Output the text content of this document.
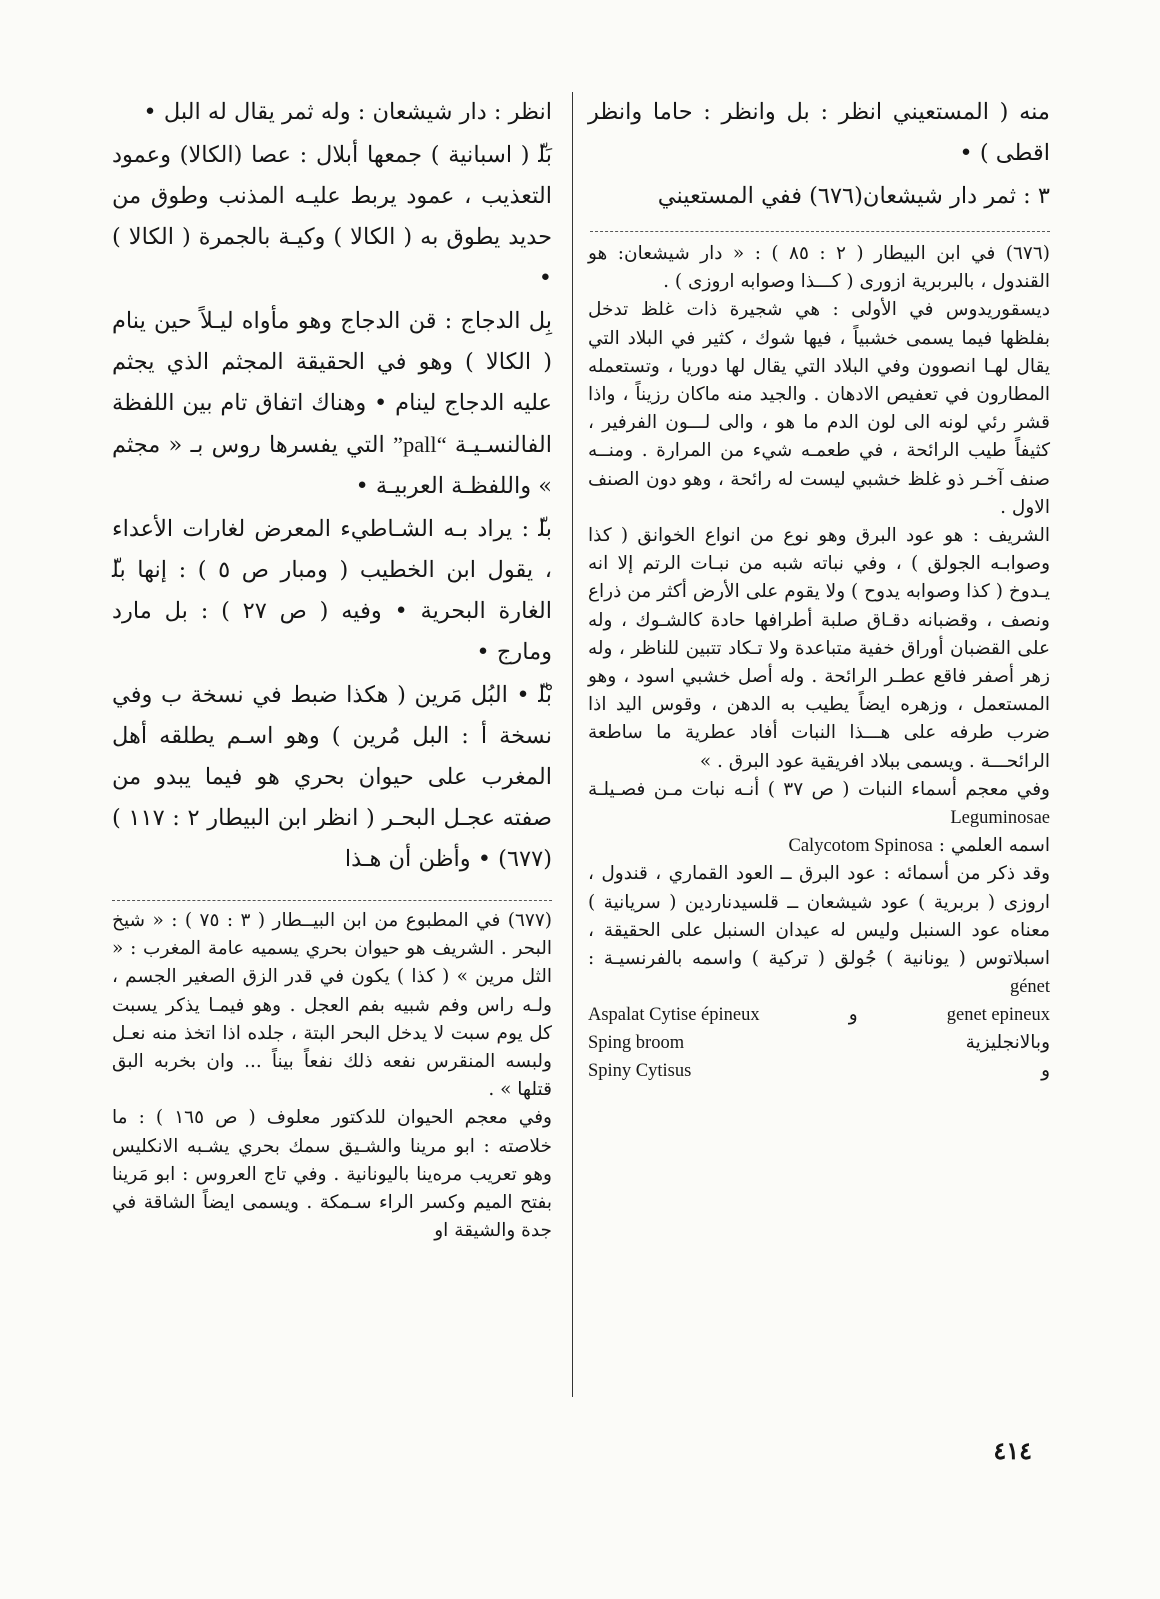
منه ( المستعيني انظر : بل وانظر : حاما وانظر اقطى ) •

٣ : ثمر دار شيشعان(٦٧٦) ففي المستعيني

(٦٧٦) في ابن البيطار ( ٢ : ٨٥ ) : « دار شيشعان: هو القندول ، بالبربرية ازورى ( كـــذا وصوابه اروزى ) .

ديسقوريدوس في الأولى : هي شجيرة ذات غلظ تدخل بفلظها فيما يسمى خشبياً ، فيها شوك ، كثير في البلاد التي يقال لهـا انصوون وفي البلاد التي يقال لها دوريا ، وتستعمله المطارون في تعفيص الادهان . والجيد منه ماكان رزيناً ، واذا قشر رئي لونه الى لون الدم ما هو ، والى لـــون الفرفير ، كثيفاً طيب الرائحة ، في طعمـه شيء من المرارة . ومنــه صنف آخـر ذو غلظ خشبي ليست له رائحة ، وهو دون الصنف الاول .

الشريف : هو عود البرق وهو نوع من انواع الخوانق ( كذا وصوابـه الجولق ) ، وفي نباته شبه من نبـات الرتم إلا انه يـدوخ ( كذا وصوابه يدوح ) ولا يقوم على الأرض أكثر من ذراع ونصف ، وقضبانه دقـاق صلبة أطرافها حادة كالشـوك ، وله على القضبان أوراق خفية متباعدة ولا تـكاد تتبين للناظر ، وله زهر أصفر فاقع عطـر الرائحة . وله أصل خشبي اسود ، وهو المستعمل ، وزهره ايضاً يطيب به الدهن ، وقوس اليد اذا ضرب طرفه على هـــذا النبات أفاد عطرية ما ساطعة الرائحـــة . ويسمى ببلاد افريقية عود البرق . »

وفي معجم أسماء النبات ( ص ٣٧ ) أنـه نبات مـن فصـيلـة Leguminosae

اسمه العلمي : Calycotom Spinosa

وقد ذكر من أسمائه : عود البرق ــ العود القماري ، قندول ، اروزى ( بربرية ) عود شيشعان ــ قلسيدناردين ( سريانية ) معناه عود السنبل وليس له عيدان السنبل على الحقيقة ، اسبلاتوس ( يونانية ) جُولق ( تركية ) واسمه بالفرنسيـة : génet

Aspalat Cytise épineux	و	genet epineux
Sping broom	وبالانجليزية
Spiny Cytisus	و

انظر : دار شيشعان : وله ثمر يقال له البل •

بَل‍ّ ( اسبانية ) جمعها أبلال : عصا (الكالا) وعمود التعذيب ، عمود يربط عليـه المذنب وطوق من حديد يطوق به ( الكالا ) وكيـة بالجمرة ( الكالا ) •

بِل الدجاج : قن الدجاج وهو مأواه ليـلاً حين ينام ( الكالا ) وهو في الحقيقة المجثم الذي يجثم عليه الدجاج لينام • وهناك اتفاق تام بين اللفظة الفالنسـيـة “pall” التي يفسرها روس بـ « مجثم » واللفظـة العربيـة •

بل‍ّ : يراد بـه الشـاطيء المعرض لغارات الأعداء ، يقول ابن الخطيب ( ومبار ص ٥ ) : إنها بل‍ّ الغارة البحرية • وفيه ( ص ٢٧ ) : بل مارد ومارج •

بْل‍ّ • البُل مَرين ( هكذا ضبط في نسخة ب وفي نسخة أ : البل مُرين ) وهو اسـم يطلقه أهل المغرب على حيوان بحري هو فيما يبدو من صفته عجـل البحـر ( انظر ابن البيطار ٢ : ١١٧ )(٦٧٧) • وأظن أن هـذا

(٦٧٧) في المطبوع من ابن البيــطار ( ٣ : ٧٥ ) : « شيخ البحر . الشريف هو حيوان بحري يسميه عامة المغرب : « الثل مرين » ( كذا ) يكون في قدر الزق الصغير الجسم ، ولـه راس وفم شبيه بفم العجل . وهو فيمـا يذكر يسبت كل يوم سبت لا يدخل البحر البتة ، جلده اذا اتخذ منه نعـل ولبسه المنقرس نفعه ذلك نفعاً بيناً ... وان بخربه البق قتلها » .

وفي معجم الحيوان للدكتور معلوف ( ص ١٦٥ ) : ما خلاصته : ابو مرينا والشـيق سمك بحري يشـبه الانكليس وهو تعريب مرەينا باليونانية . وفي تاج العروس : ابو مَرينا بفتح الميم وكسر الراء سـمكة . ويسمى ايضاً الشاقة في جدة والشيقة او

٤١٤
